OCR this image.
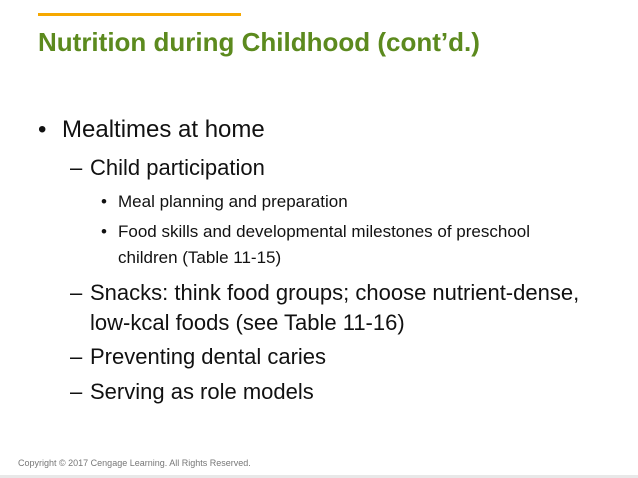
Nutrition during Childhood (cont’d.)
• Mealtimes at home
– Child participation
• Meal planning and preparation
• Food skills and developmental milestones of preschool children (Table 11-15)
– Snacks: think food groups; choose nutrient-dense, low-kcal foods (see Table 11-16)
– Preventing dental caries
– Serving as role models
Copyright © 2017 Cengage Learning. All Rights Reserved.
